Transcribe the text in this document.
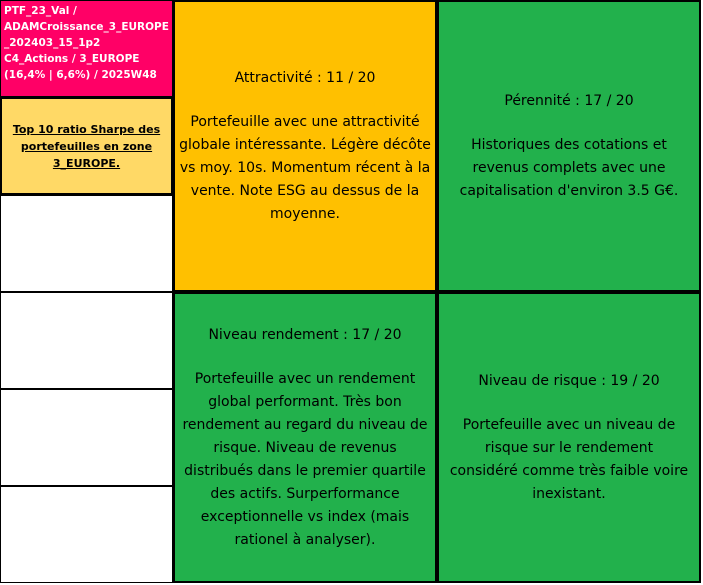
PTF_23_Val /
ADAMCroissance_3_EUROPE_202403_15_1p2
C4_Actions / 3_EUROPE
(16,4% | 6,6%) / 2025W48
Top 10 ratio Sharpe des portefeuilles en zone 3_EUROPE.
Attractivité : 11 / 20
Portefeuille avec une attractivité globale intéressante. Légère décôte vs moy. 10s. Momentum récent à la vente. Note ESG au dessus de la moyenne.
Pérennité : 17 / 20
Historiques des cotations et revenus complets avec une capitalisation d'environ 3.5 G€.
Niveau rendement : 17 / 20
Portefeuille avec un rendement global performant. Très bon rendement au regard du niveau de risque. Niveau de revenus distribués dans le premier quartile des actifs. Surperformance exceptionnelle vs index (mais rationel à analyser).
Niveau de risque : 19 / 20
Portefeuille avec un niveau de risque sur le rendement considéré comme très faible voire inexistant.
